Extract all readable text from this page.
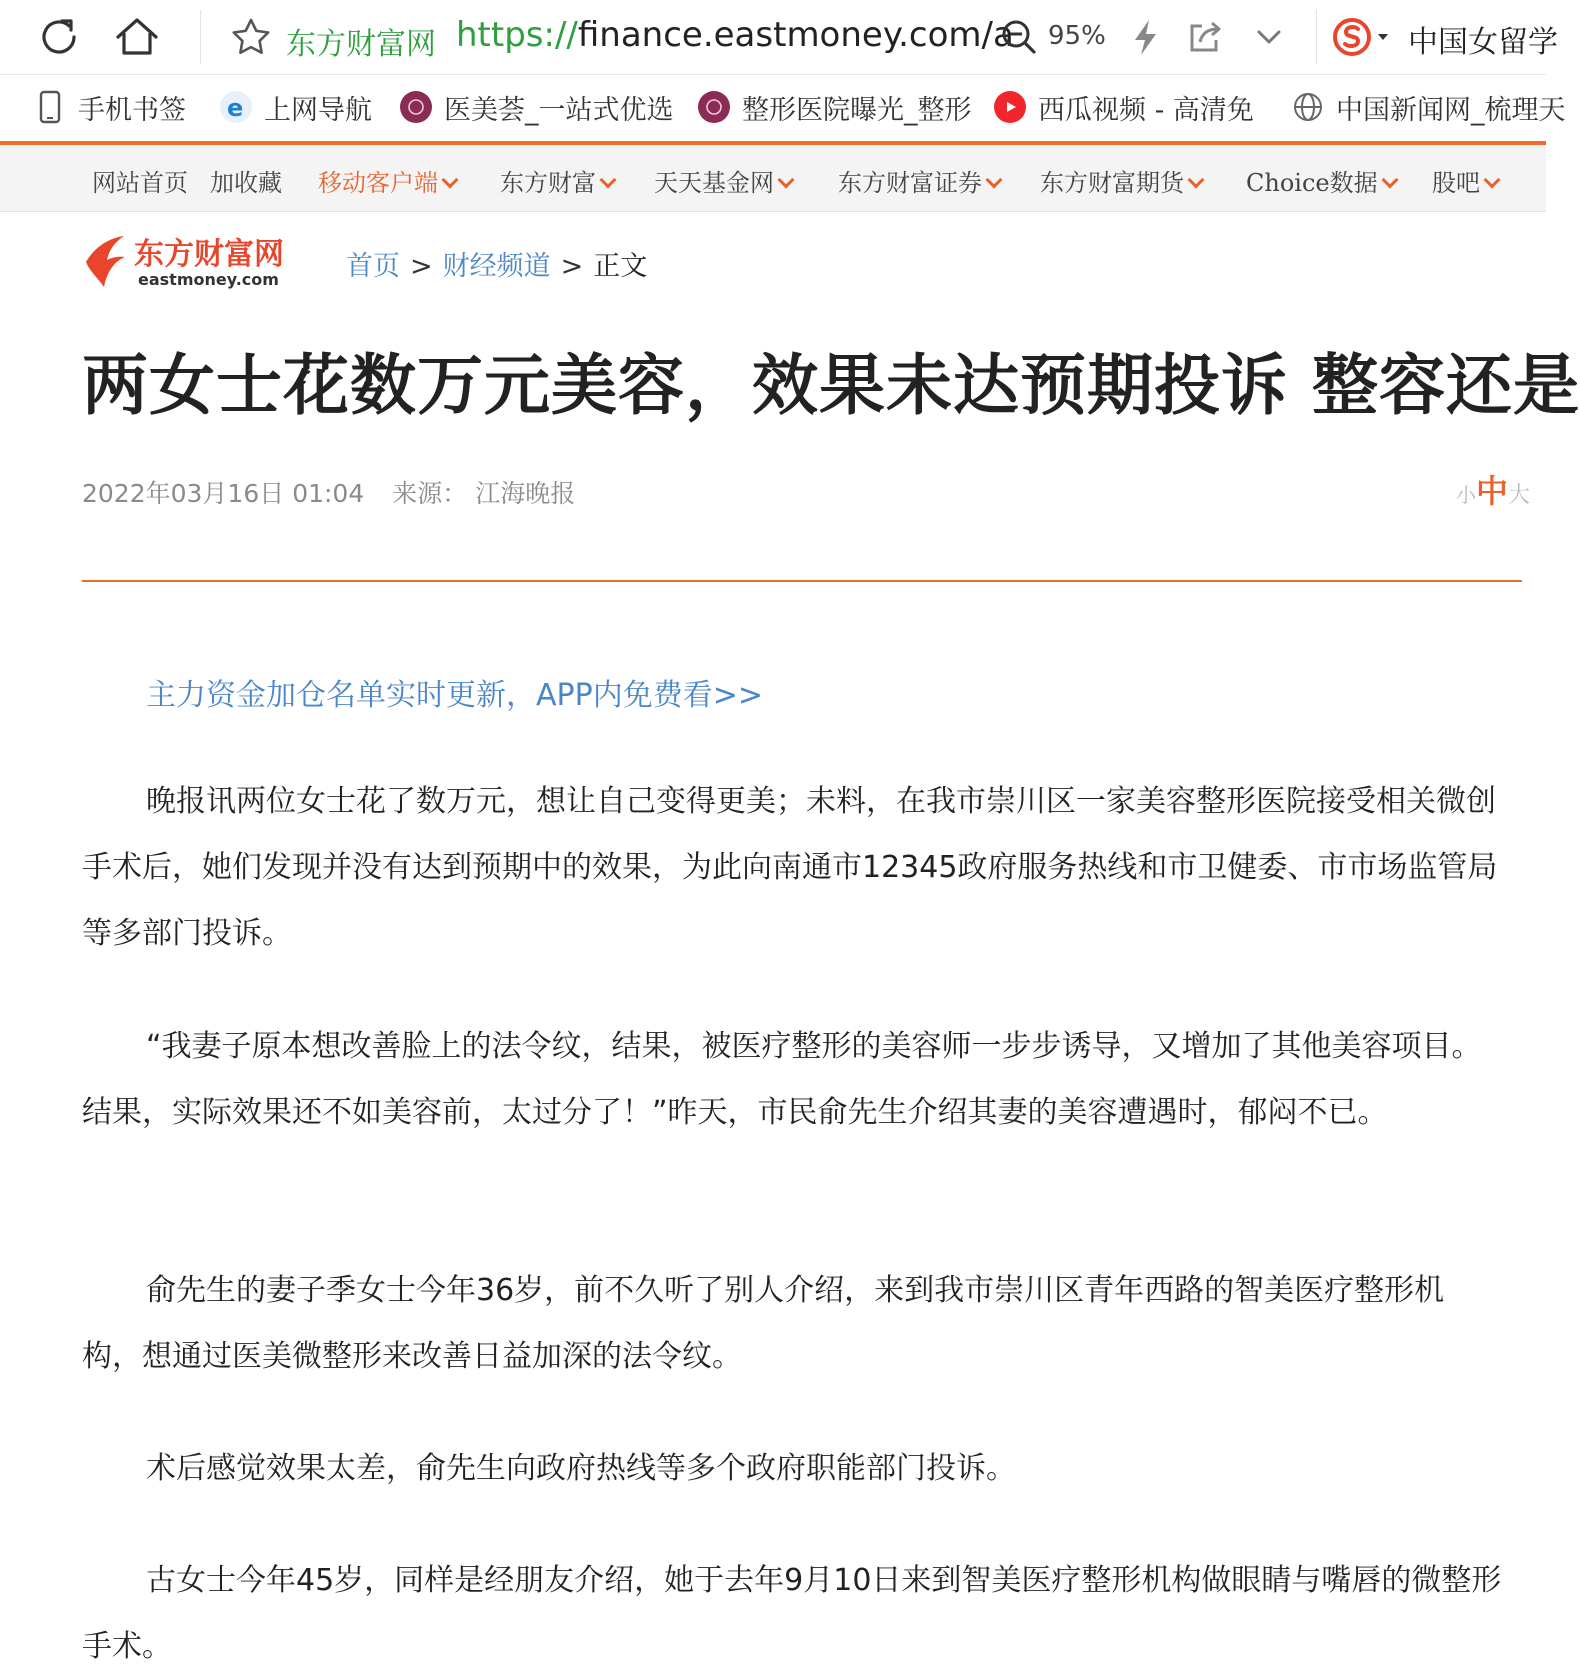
东方财富网 https://finance.eastmoney.com/a 95%	中国女留学
手机书签 e 上网导航	医美荟_一站式优选	整形医院曝光_整形 西瓜视频 - 高清免	中国新闻网_梳理天
网站首页 加收藏 移动客户端	东方财富	天天基金网	东方财富证券	东方财富期货	Choice数据	股吧
东方财富网
eastmoney.com 首页 > 财经频道 > 正文
两女士花数万元美容，效果未达预期投诉 整容还是
2022年03月16日 01:04 来源： 江海晚报	小中大
主力资金加仓名单实时更新，APP内免费看>>

晚报讯两位女士花了数万元，想让自己变得更美；未料，在我市崇川区一家美容整形医院接受相关微创手术后，她们发现并没有达到预期中的效果，为此向南通市12345政府服务热线和市卫健委、市市场监管局等多部门投诉。

“我妻子原本想改善脸上的法令纹，结果，被医疗整形的美容师一步步诱导，又增加了其他美容项目。结果，实际效果还不如美容前，太过分了！”昨天，市民俞先生介绍其妻的美容遭遇时，郁闷不已。

俞先生的妻子季女士今年36岁，前不久听了别人介绍，来到我市崇川区青年西路的智美医疗整形机构，想通过医美微整形来改善日益加深的法令纹。

术后感觉效果太差，俞先生向政府热线等多个政府职能部门投诉。

古女士今年45岁，同样是经朋友介绍，她于去年9月10日来到智美医疗整形机构做眼睛与嘴唇的微整形手术。
